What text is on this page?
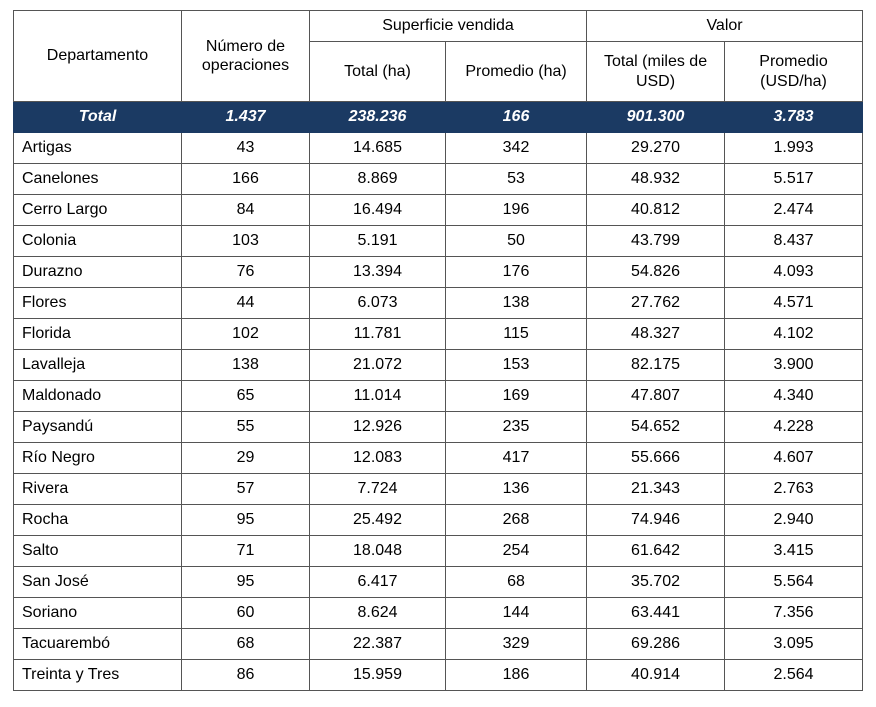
Departamento	Número de operaciones	Superficie vendida		Valor	
		Total (ha)	Promedio (ha)	Total (miles de USD)	Promedio (USD/ha)
Total	1.437	238.236	166	901.300	3.783
Artigas	43	14.685	342	29.270	1.993
Canelones	166	8.869	53	48.932	5.517
Cerro Largo	84	16.494	196	40.812	2.474
Colonia	103	5.191	50	43.799	8.437
Durazno	76	13.394	176	54.826	4.093
Flores	44	6.073	138	27.762	4.571
Florida	102	11.781	115	48.327	4.102
Lavalleja	138	21.072	153	82.175	3.900
Maldonado	65	11.014	169	47.807	4.340
Paysandú	55	12.926	235	54.652	4.228
Río Negro	29	12.083	417	55.666	4.607
Rivera	57	7.724	136	21.343	2.763
Rocha	95	25.492	268	74.946	2.940
Salto	71	18.048	254	61.642	3.415
San José	95	6.417	68	35.702	5.564
Soriano	60	8.624	144	63.441	7.356
Tacuarembó	68	22.387	329	69.286	3.095
Treinta y Tres	86	15.959	186	40.914	2.564
